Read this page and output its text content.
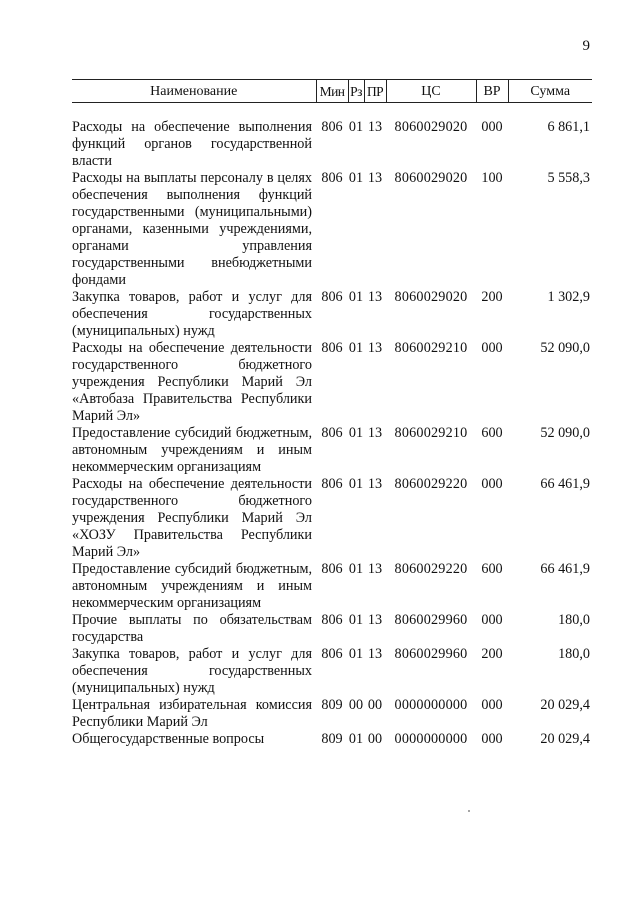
9
Наименование	Мин	Рз	ПР	ЦС	ВР	Сумма

Расходы на обеспечение выполнения функций органов государственной власти	806	01	13	8060029020	000	6 861,1
Расходы на выплаты персоналу в целях обеспечения выполнения функций государственными (муниципальными) органами, казенными учреждениями, органами управления государственными внебюджетными фондами	806	01	13	8060029020	100	5 558,3
Закупка товаров, работ и услуг для обеспечения государственных (муниципальных) нужд	806	01	13	8060029020	200	1 302,9
Расходы на обеспечение деятельности государственного бюджетного учреждения Республики Марий Эл «Автобаза Правительства Республики Марий Эл»	806	01	13	8060029210	000	52 090,0
Предоставление субсидий бюджетным, автономным учреждениям и иным некоммерческим организациям	806	01	13	8060029210	600	52 090,0
Расходы на обеспечение деятельности государственного бюджетного учреждения Республики Марий Эл «ХОЗУ Правительства Республики Марий Эл»	806	01	13	8060029220	000	66 461,9
Предоставление субсидий бюджетным, автономным учреждениям и иным некоммерческим организациям	806	01	13	8060029220	600	66 461,9
Прочие выплаты по обязательствам государства	806	01	13	8060029960	000	180,0
Закупка товаров, работ и услуг для обеспечения государственных (муниципальных) нужд	806	01	13	8060029960	200	180,0
Центральная избирательная комиссия Республики Марий Эл	809	00	00	0000000000	000	20 029,4
Общегосударственные вопросы	809	01	00	0000000000	000	20 029,4
